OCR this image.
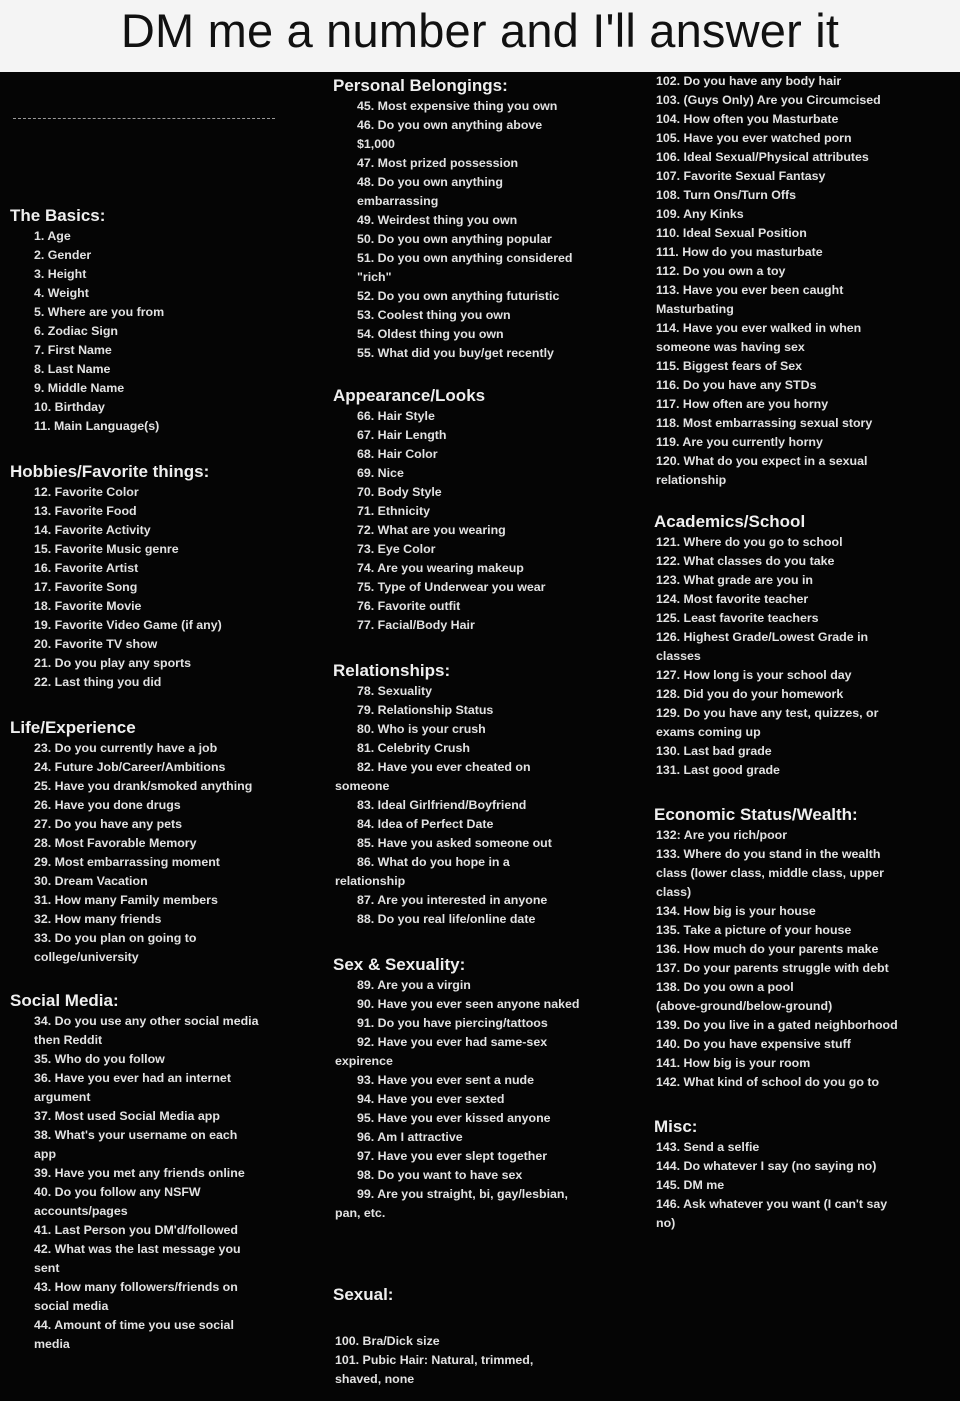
DM me a number and I'll answer it
The Basics:
1. Age
2. Gender
3. Height
4. Weight
5. Where are you from
6. Zodiac Sign
7. First Name
8. Last Name
9. Middle Name
10. Birthday
11. Main Language(s)
Hobbies/Favorite things:
12. Favorite Color
13. Favorite Food
14. Favorite Activity
15. Favorite Music genre
16. Favorite Artist
17. Favorite Song
18. Favorite Movie
19. Favorite Video Game (if any)
20. Favorite TV show
21. Do you play any sports
22. Last thing you did
Life/Experience
23. Do you currently have a job
24. Future Job/Career/Ambitions
25. Have you drank/smoked anything
26. Have you done drugs
27. Do you have any pets
28. Most Favorable Memory
29. Most embarrassing moment
30. Dream Vacation
31. How many Family members
32. How many friends
33. Do you plan on going to
college/university
Social Media:
34. Do you use any other social media
then Reddit
35. Who do you follow
36. Have you ever had an internet
argument
37. Most used Social Media app
38. What's your username on each
app
39. Have you met any friends online
40. Do you follow any NSFW
accounts/pages
41. Last Person you DM'd/followed
42. What was the last message you
sent
43. How many followers/friends on
social media
44. Amount of time you use social
media
Personal Belongings:
45. Most expensive thing you own
46. Do you own anything above
$1,000
47. Most prized possession
48. Do you own anything
embarrassing
49. Weirdest thing you own
50. Do you own anything popular
51. Do you own anything considered
"rich"
52. Do you own anything futuristic
53. Coolest thing you own
54. Oldest thing you own
55. What did you buy/get recently
Appearance/Looks
66. Hair Style
67. Hair Length
68. Hair Color
69. Nice
70. Body Style
71. Ethnicity
72. What are you wearing
73. Eye Color
74. Are you wearing makeup
75. Type of Underwear you wear
76. Favorite outfit
77. Facial/Body Hair
Relationships:
78. Sexuality
79. Relationship Status
80. Who is your crush
81. Celebrity Crush
82. Have you ever cheated on
someone
83. Ideal Girlfriend/Boyfriend
84. Idea of Perfect Date
85. Have you asked someone out
86. What do you hope in a
relationship
87. Are you interested in anyone
88. Do you real life/online date
Sex & Sexuality:
89. Are you a virgin
90. Have you ever seen anyone naked
91. Do you have piercing/tattoos
92. Have you ever had same-sex
expirence
93. Have you ever sent a nude
94. Have you ever sexted
95. Have you ever kissed anyone
96. Am I attractive
97. Have you ever slept together
98. Do you want to have sex
99. Are you straight, bi, gay/lesbian,
pan, etc.
Sexual:
100. Bra/Dick size
101. Pubic Hair: Natural, trimmed,
shaved, none
102. Do you have any body hair
103. (Guys Only) Are you Circumcised
104. How often you Masturbate
105. Have you ever watched porn
106. Ideal Sexual/Physical attributes
107. Favorite Sexual Fantasy
108. Turn Ons/Turn Offs
109. Any Kinks
110. Ideal Sexual Position
111. How do you masturbate
112. Do you own a toy
113. Have you ever been caught
Masturbating
114. Have you ever walked in when
someone was having sex
115. Biggest fears of Sex
116. Do you have any STDs
117. How often are you horny
118. Most embarrassing sexual story
119. Are you currently horny
120. What do you expect in a sexual
relationship
Academics/School
121. Where do you go to school
122. What classes do you take
123. What grade are you in
124. Most favorite teacher
125. Least favorite teachers
126. Highest Grade/Lowest Grade in
classes
127. How long is your school day
128. Did you do your homework
129. Do you have any test, quizzes, or
exams coming up
130. Last bad grade
131. Last good grade
Economic Status/Wealth:
132: Are you rich/poor
133. Where do you stand in the wealth
class (lower class, middle class, upper
class)
134. How big is your house
135. Take a picture of your house
136. How much do your parents make
137. Do your parents struggle with debt
138. Do you own a pool
(above-ground/below-ground)
139. Do you live in a gated neighborhood
140. Do you have expensive stuff
141. How big is your room
142. What kind of school do you go to
Misc:
143. Send a selfie
144. Do whatever I say (no saying no)
145. DM me
146. Ask whatever you want (I can't say
no)
